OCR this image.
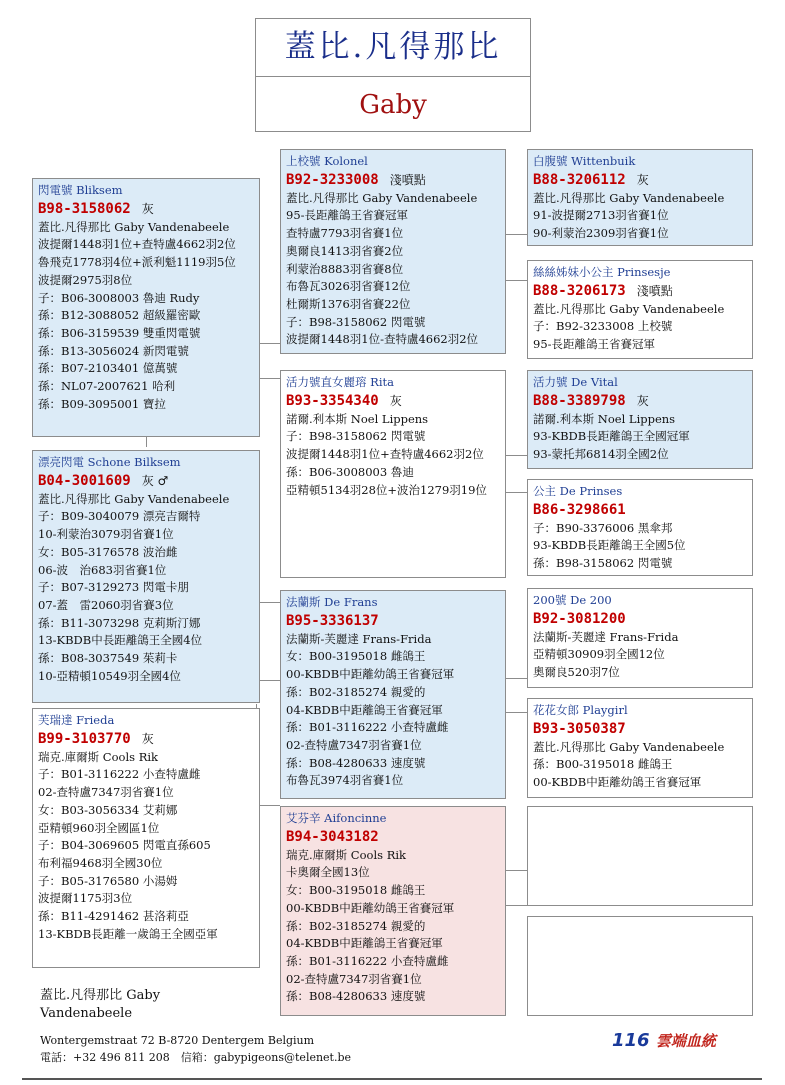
蓋比.凡得那比
Gaby
閃電號 Bliksem
B98-3158062 灰
蓋比.凡得那比 Gaby Vandenabeele
波提爾1448羽1位+查特盧4662羽2位
魯飛克1778羽4位+派利魁1119羽5位
波提爾2975羽8位
子：B06-3008003 魯迪 Rudy
孫：B12-3088052 超級羅密歐
孫：B06-3159539 雙重閃電號
孫：B13-3056024 新閃電號
孫：B07-2103401 億萬號
孫：NL07-2007621 哈利
孫：B09-3095001 寶拉
漂亮閃電 Schone Bilksem
B04-3001609 灰 ♂
蓋比.凡得那比 Gaby Vandenabeele
子：B09-3040079 漂亮吉爾特
10-利蒙治3079羽省賽1位
女：B05-3176578 波治雌
06-波　治683羽省賽1位
子：B07-3129273 閃電卡朋
07-蓋　雷2060羽省賽3位
孫：B11-3073298 克莉斯汀娜
13-KBDB中長距離鴿王全國4位
孫：B08-3037549 茱莉卡
10-亞精頓10549羽全國4位
芙瑞達 Frieda
B99-3103770 灰
瑞克.庫爾斯 Cools Rik
子：B01-3116222 小查特盧雌
02-查特盧7347羽省賽1位
女：B03-3056334 艾莉娜
亞精頓960羽全國區1位
子：B04-3069605 閃電直孫605
布利福9468羽全國30位
子：B05-3176580 小湯姆
波提爾1175羽3位
孫：B11-4291462 甚洛莉亞
13-KBDB長距離一歲鴿王全國亞軍
上校號 Kolonel
B92-3233008 淺噴點
蓋比.凡得那比 Gaby Vandenabeele
95-長距離鴿王省賽冠軍
查特盧7793羽省賽1位
奧爾良1413羽省賽2位
利蒙治8883羽省賽8位
布魯瓦3026羽省賽12位
杜爾斯1376羽省賽22位
子：B98-3158062 閃電號
波提爾1448羽1位-查特盧4662羽2位
活力號直女麗瑢 Rita
B93-3354340 灰
諾爾.利本斯 Noel Lippens
子：B98-3158062 閃電號
波提爾1448羽1位+查特盧4662羽2位
孫：B06-3008003 魯迪
亞精頓5134羽28位+波治1279羽19位
法蘭斯 De Frans
B95-3336137
法蘭斯-芙麗達 Frans-Frida
女：B00-3195018 雌鴿王
00-KBDB中距離幼鴿王省賽冠軍
孫：B02-3185274 親愛的
04-KBDB中距離鴿王省賽冠軍
孫：B01-3116222 小查特盧雌
02-查特盧7347羽省賽1位
孫：B08-4280633 速度號
布魯瓦3974羽省賽1位
艾芬辛 Aifoncinne
B94-3043182
瑞克.庫爾斯 Cools Rik
卡奧爾全國13位
女：B00-3195018 雌鴿王
00-KBDB中距離幼鴿王省賽冠軍
孫：B02-3185274 親愛的
04-KBDB中距離鴿王省賽冠軍
孫：B01-3116222 小查特盧雌
02-查特盧7347羽省賽1位
孫：B08-4280633 速度號
白腹號 Wittenbuik
B88-3206112 灰
蓋比.凡得那比 Gaby Vandenabeele
91-波提爾2713羽省賽1位
90-利蒙治2309羽省賽1位
絲絲姊妹小公主 Prinsesje
B88-3206173 淺噴點
蓋比.凡得那比 Gaby Vandenabeele
子：B92-3233008 上校號
95-長距離鴿王省賽冠軍
活力號 De Vital
B88-3389798 灰
諾爾.利本斯 Noel Lippens
93-KBDB長距離鴿王全國冠軍
93-蒙托邦6814羽全國2位
公主 De Prinses
B86-3298661
子：B90-3376006 黑傘邦
93-KBDB長距離鴿王全國5位
孫：B98-3158062 閃電號
200號 De 200
B92-3081200
法蘭斯-芙麗達 Frans-Frida
亞精頓30909羽全國12位
奧爾良520羽7位
花花女郎 Playgirl
B93-3050387
蓋比.凡得那比 Gaby Vandenabeele
孫：B00-3195018 雌鴿王
00-KBDB中距離幼鴿王省賽冠軍
蓋比.凡得那比 Gaby
Vandenabeele
Wontergemstraat 72 B-8720 Dentergem Belgium
電話：+32 496 811 208　信箱：gabypigeons@telenet.be
116 雲端血統
